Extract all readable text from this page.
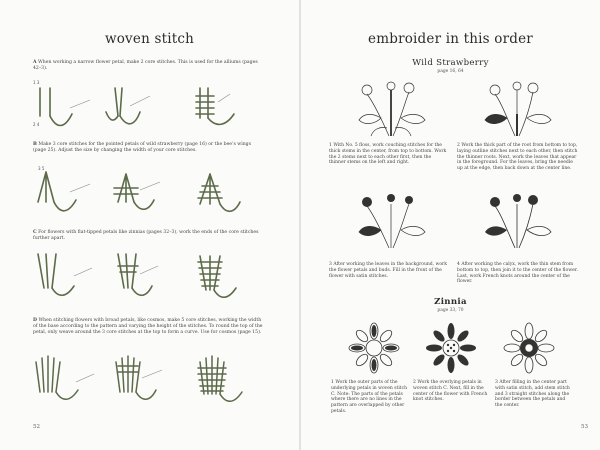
woven stitch
A When working a narrow flower petal, make 2 core stitches. This is used for the alliums (pages 42–3).
1 3
2 4
B Make 3 core stitches for the pointed petals of wild strawberry (page 16) or the bee’s wings (page 25). Adjust the size by changing the width of your core stitches.
3 5
C For flowers with flat-tipped petals like zinnias (pages 32–3), work the ends of the core stitches further apart.
D When stitching flowers with broad petals, like cosmos, make 5 core stitches, working the width of the base according to the pattern and varying the height of the stitches. To round the top of the petal, only weave around the 3 core stitches at the top to form a curve. Use for cosmos (page 15).
52
embroider in this order
Wild Strawberry
page 16, 64
1 With No. 5 floss, work couching stitches for the thick stems in the center, from top to bottom. Work the 2 stems next to each other first, then the thinner stems on the left and right.
2 Work the thick part of the root from bottom to top, laying outline stitches next to each other, then stitch the thinner roots. Next, work the leaves that appear in the foreground. For the leaves, bring the needle up at the edge, then back down at the center line.
3 After working the leaves in the background, work the flower petals and buds. Fill in the front of the flower with satin stitches.
4 After working the calyx, work the thin stem from bottom to top, then join it to the center of the flower. Last, work French knots around the center of the flower.
Zinnia
page 33, 70
1 Work the outer parts of the underlying petals in woven stitch C. Note: The parts of the petals where there are no lines in the pattern are overlapped by other petals.
2 Work the overlying petals in woven stitch C. Next, fill in the center of the flower with French knot stitches.
3 After filling in the center part with satin stitch, add stem stitch and 3 straight stitches along the border between the petals and the center.
53
